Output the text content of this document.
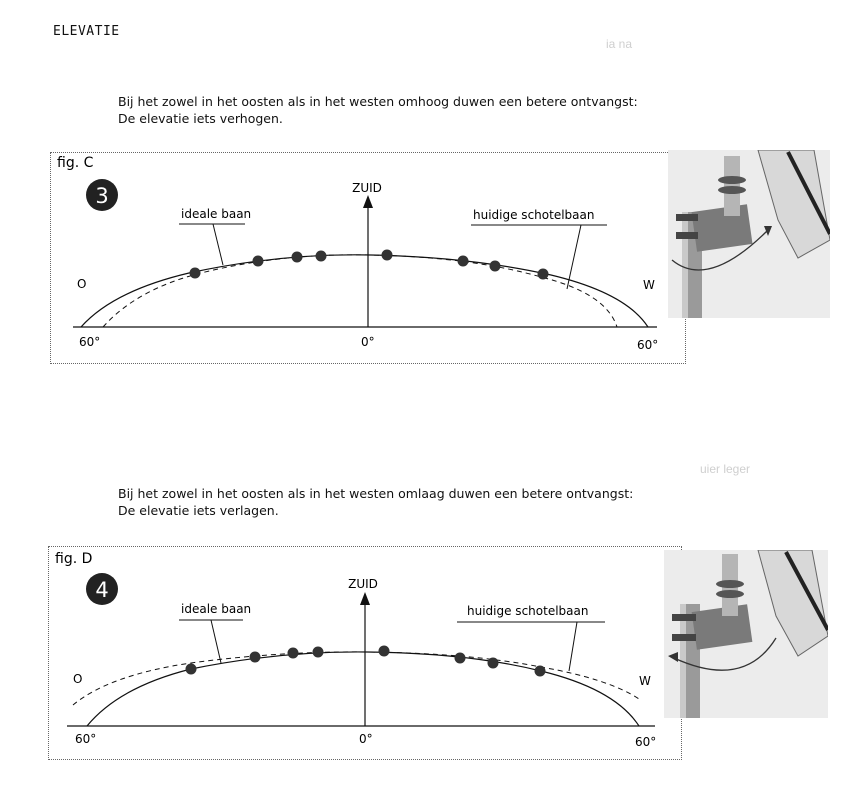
ELEVATIE
ia na
uier leger
Bij het zowel in het oosten als in het westen omhoog duwen een betere ontvangst:
De elevatie iets verhogen.
fig. C
3	ZUID
ideale baan	huidige schotelbaan
O	W
60°	0°	60°
Bij het zowel in het oosten als in het westen omlaag duwen een betere ontvangst:
De elevatie iets verlagen.
fig. D
4	ZUID
ideale baan	huidige schotelbaan
O	W
60°	0°	60°
